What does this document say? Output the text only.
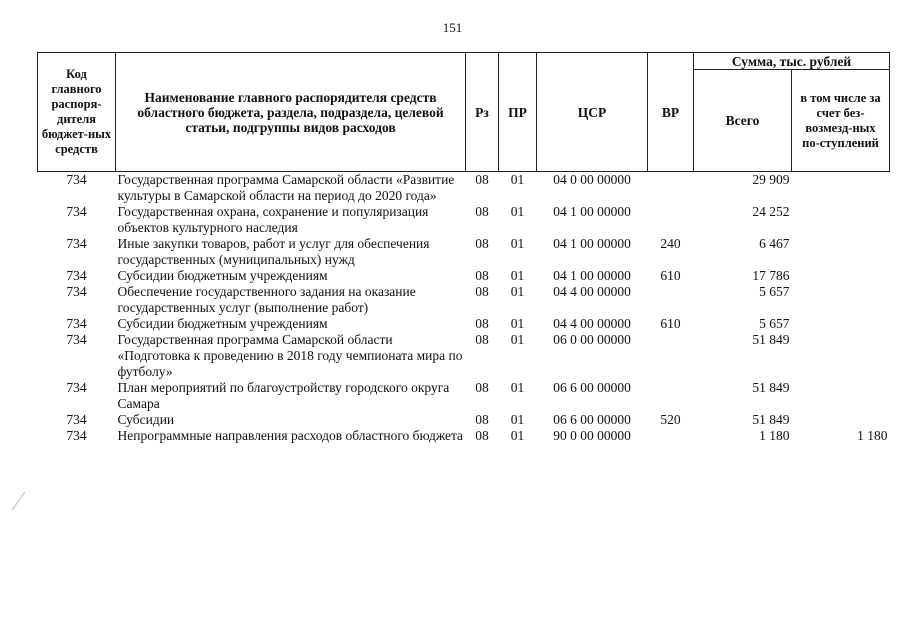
151
Код главного распоря-дителя бюджет-ных средств	Наименование главного распорядителя средств областного бюджета, раздела, подраздела, целевой статьи, подгруппы видов расходов	Рз	ПР	ЦСР	ВР	Сумма, тыс. рублей	
						Всего	в том числе за счет без-возмезд-ных по-ступлений
734	Государственная программа Самарской области «Развитие культуры в Самарской области на период до 2020 года»	08	01	04 0 00 00000		29 909	
734	Государственная охрана, сохранение и популяризация объектов культурного наследия	08	01	04 1 00 00000		24 252	
734	Иные закупки товаров, работ и услуг для обеспечения государственных (муниципальных) нужд	08	01	04 1 00 00000	240	6 467	
734	Субсидии бюджетным учреждениям	08	01	04 1 00 00000	610	17 786	
734	Обеспечение государственного задания на оказание государственных услуг (выполнение работ)	08	01	04 4 00 00000		5 657	
734	Субсидии бюджетным учреждениям	08	01	04 4 00 00000	610	5 657	
734	Государственная программа Самарской области «Подготовка к проведению в 2018 году чемпионата мира по футболу»	08	01	06 0 00 00000		51 849	
734	План мероприятий по благоустройству городского округа Самара	08	01	06 6 00 00000		51 849	
734	Субсидии	08	01	06 6 00 00000	520	51 849	
734	Непрограммные направления расходов областного бюджета	08	01	90 0 00 00000		1 180	1 180
